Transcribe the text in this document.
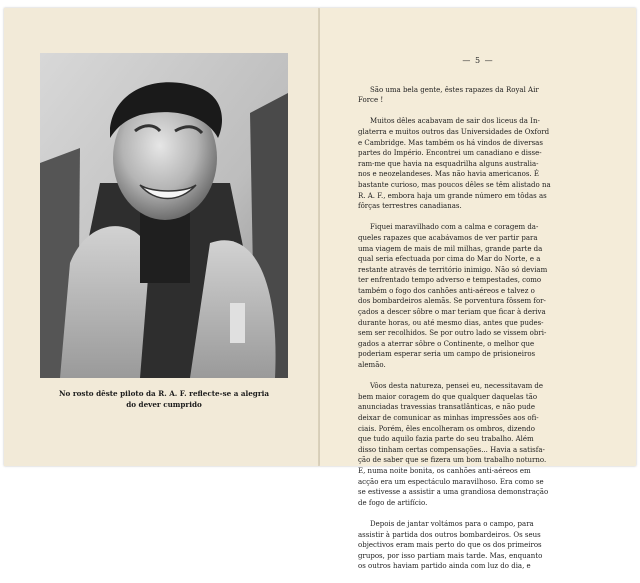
No rosto dêste piloto da R. A. F. reflecte-se a alegria

do dever cumprido

— 5 —

São uma bela gente, êstes rapazes da Royal Air
Force !

Muitos dêles acabavam de sair dos liceus da In-
glaterra e muitos outros das Universidades de Oxford
e Cambridge. Mas também os há vindos de diversas
partes do Império. Encontrei um canadiano e disse-
ram-me que havia na esquadrilha alguns australia-
nos e neozelandeses. Mas não havia americanos. É
bastante curioso, mas poucos dêles se têm alistado na
R. A. F., embora haja um grande número em tôdas as
fôrças terrestres canadianas.

Fiquei maravilhado com a calma e coragem da-
queles rapazes que acabávamos de ver partir para
uma viagem de mais de mil milhas, grande parte da
qual seria efectuada por cima do Mar do Norte, e a
restante através de território inimigo. Não só deviam
ter enfrentado tempo adverso e tempestades, como
também o fogo dos canhões anti-aéreos e talvez o
dos bombardeiros alemãs. Se porventura fôssem for-
çados a descer sôbre o mar teriam que ficar à deriva
durante horas, ou até mesmo dias, antes que pudes-
sem ser recolhidos. Se por outro lado se vissem obri-
gados a aterrar sôbre o Continente, o melhor que
poderiam esperar seria um campo de prisioneiros
alemão.

Vôos desta natureza, pensei eu, necessitavam de
bem maior coragem do que qualquer daquelas tão
anunciadas travessias transatlânticas, e não pude
deixar de comunicar as minhas impressões aos ofi-
ciais. Porém, êles encolheram os ombros, dizendo
que tudo aquilo fazia parte do seu trabalho. Além
disso tinham certas compensações... Havia a satisfa-
ção de saber que se fizera um bom trabalho noturno.
E, numa noite bonita, os canhões anti-aéreos em
acção era um espectáculo maravilhoso. Era como se
se estivesse a assistir a uma grandiosa demonstração
de fogo de artifício.

Depois de jantar voltámos para o campo, para
assistir à partida dos outros bombardeiros. Os seus
objectivos eram mais perto do que os dos primeiros
grupos, por isso partiam mais tarde. Mas, enquanto
os outros haviam partido ainda com luz do dia, e
